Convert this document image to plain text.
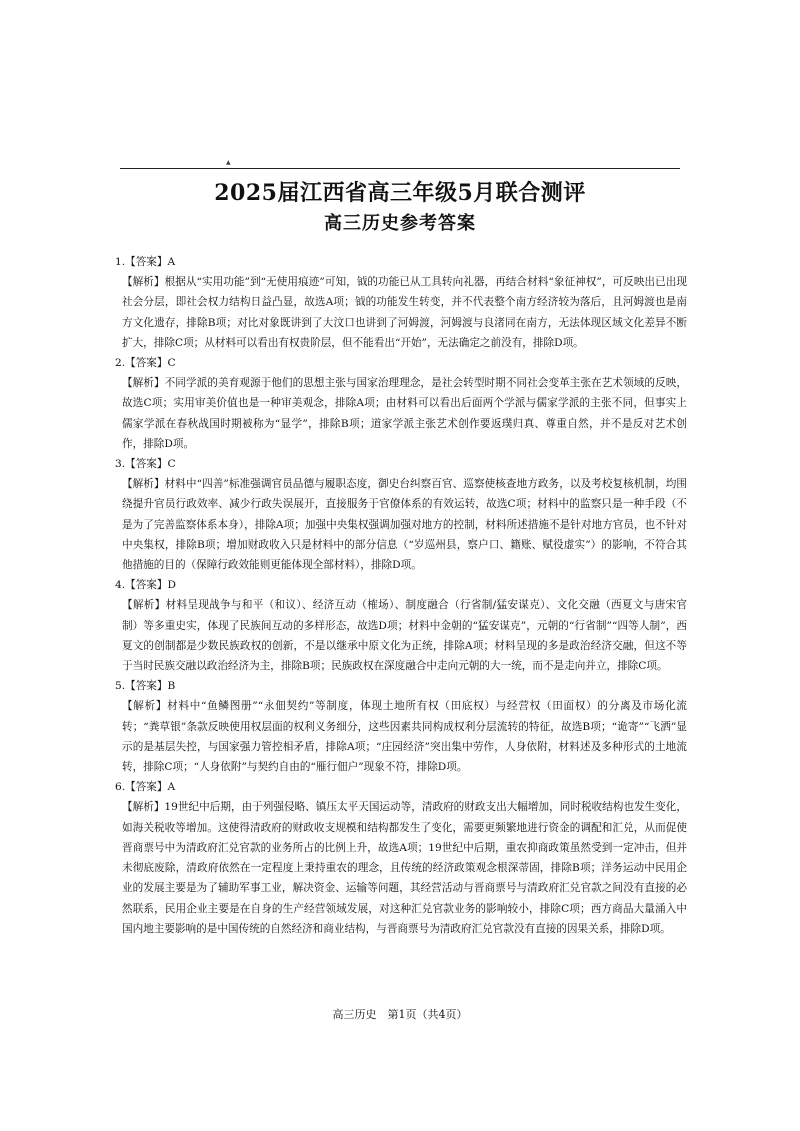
▲
2025届江西省高三年级5月联合测评
高三历史参考答案

1.【答案】A

【解析】根据从“实用功能”到“无使用痕迹”可知，钺的功能已从工具转向礼器，再结合材料“象征神权”，可反映出已出现社会分层，即社会权力结构日益凸显，故选A项；钺的功能发生转变，并不代表整个南方经济较为落后，且河姆渡也是南方文化遗存，排除B项；对比对象既讲到了大汶口也讲到了河姆渡，河姆渡与良渚同在南方，无法体现区域文化差异不断扩大，排除C项；从材料可以看出有权贵阶层，但不能看出“开始”，无法确定之前没有，排除D项。

2.【答案】C

【解析】不同学派的美育观源于他们的思想主张与国家治理理念，是社会转型时期不同社会变革主张在艺术领域的反映，故选C项；实用审美价值也是一种审美观念，排除A项；由材料可以看出后面两个学派与儒家学派的主张不同，但事实上儒家学派在春秋战国时期被称为“显学”，排除B项；道家学派主张艺术创作要返璞归真、尊重自然，并不是反对艺术创作，排除D项。

3.【答案】C

【解析】材料中“四善”标准强调官员品德与履职态度，御史台纠察百官、巡察使核查地方政务，以及考校复核机制，均围绕提升官员行政效率、减少行政失误展开，直接服务于官僚体系的有效运转，故选C项；材料中的监察只是一种手段（不是为了完善监察体系本身），排除A项；加强中央集权强调加强对地方的控制，材料所述措施不是针对地方官员，也不针对中央集权，排除B项；增加财政收入只是材料中的部分信息（“岁巡州县，察户口、籍账、赋役虚实”）的影响，不符合其他措施的目的（保障行政效能则更能体现全部材料），排除D项。

4.【答案】D

【解析】材料呈现战争与和平（和议）、经济互动（榷场）、制度融合（行省制/猛安谋克）、文化交融（西夏文与唐宋官制）等多重史实，体现了民族间互动的多样形态，故选D项；材料中金朝的“猛安谋克”，元朝的“行省制”“四等人制”，西夏文的创制都是少数民族政权的创新，不是以继承中原文化为正统，排除A项；材料呈现的多是政治经济交融，但这不等于当时民族交融以政治经济为主，排除B项；民族政权在深度融合中走向元朝的大一统，而不是走向并立，排除C项。

5.【答案】B

【解析】材料中“鱼鳞图册”“永佃契约”等制度，体现土地所有权（田底权）与经营权（田面权）的分离及市场化流转；“粪草银”条款反映使用权层面的权利义务细分，这些因素共同构成权利分层流转的特征，故选B项；“诡寄”“飞洒”显示的是基层失控，与国家强力管控相矛盾，排除A项；“庄园经济”突出集中劳作，人身依附，材料述及多种形式的土地流转，排除C项；“人身依附”与契约自由的“雁行佃户”现象不符，排除D项。

6.【答案】A

【解析】19世纪中后期，由于列强侵略、镇压太平天国运动等，清政府的财政支出大幅增加，同时税收结构也发生变化，如海关税收等增加。这使得清政府的财政收支规模和结构都发生了变化，需要更频繁地进行资金的调配和汇兑，从而促使晋商票号中为清政府汇兑官款的业务所占的比例上升，故选A项；19世纪中后期，重农抑商政策虽然受到一定冲击，但并未彻底废除，清政府依然在一定程度上秉持重农的理念，且传统的经济政策观念根深蒂固，排除B项；洋务运动中民用企业的发展主要是为了辅助军事工业，解决资金、运输等问题，其经营活动与晋商票号与清政府汇兑官款之间没有直接的必然联系，民用企业主要是在自身的生产经营领域发展，对这种汇兑官款业务的影响较小，排除C项；西方商品大量涌入中国内地主要影响的是中国传统的自然经济和商业结构，与晋商票号为清政府汇兑官款没有直接的因果关系，排除D项。

高三历史　第1页（共4页）
